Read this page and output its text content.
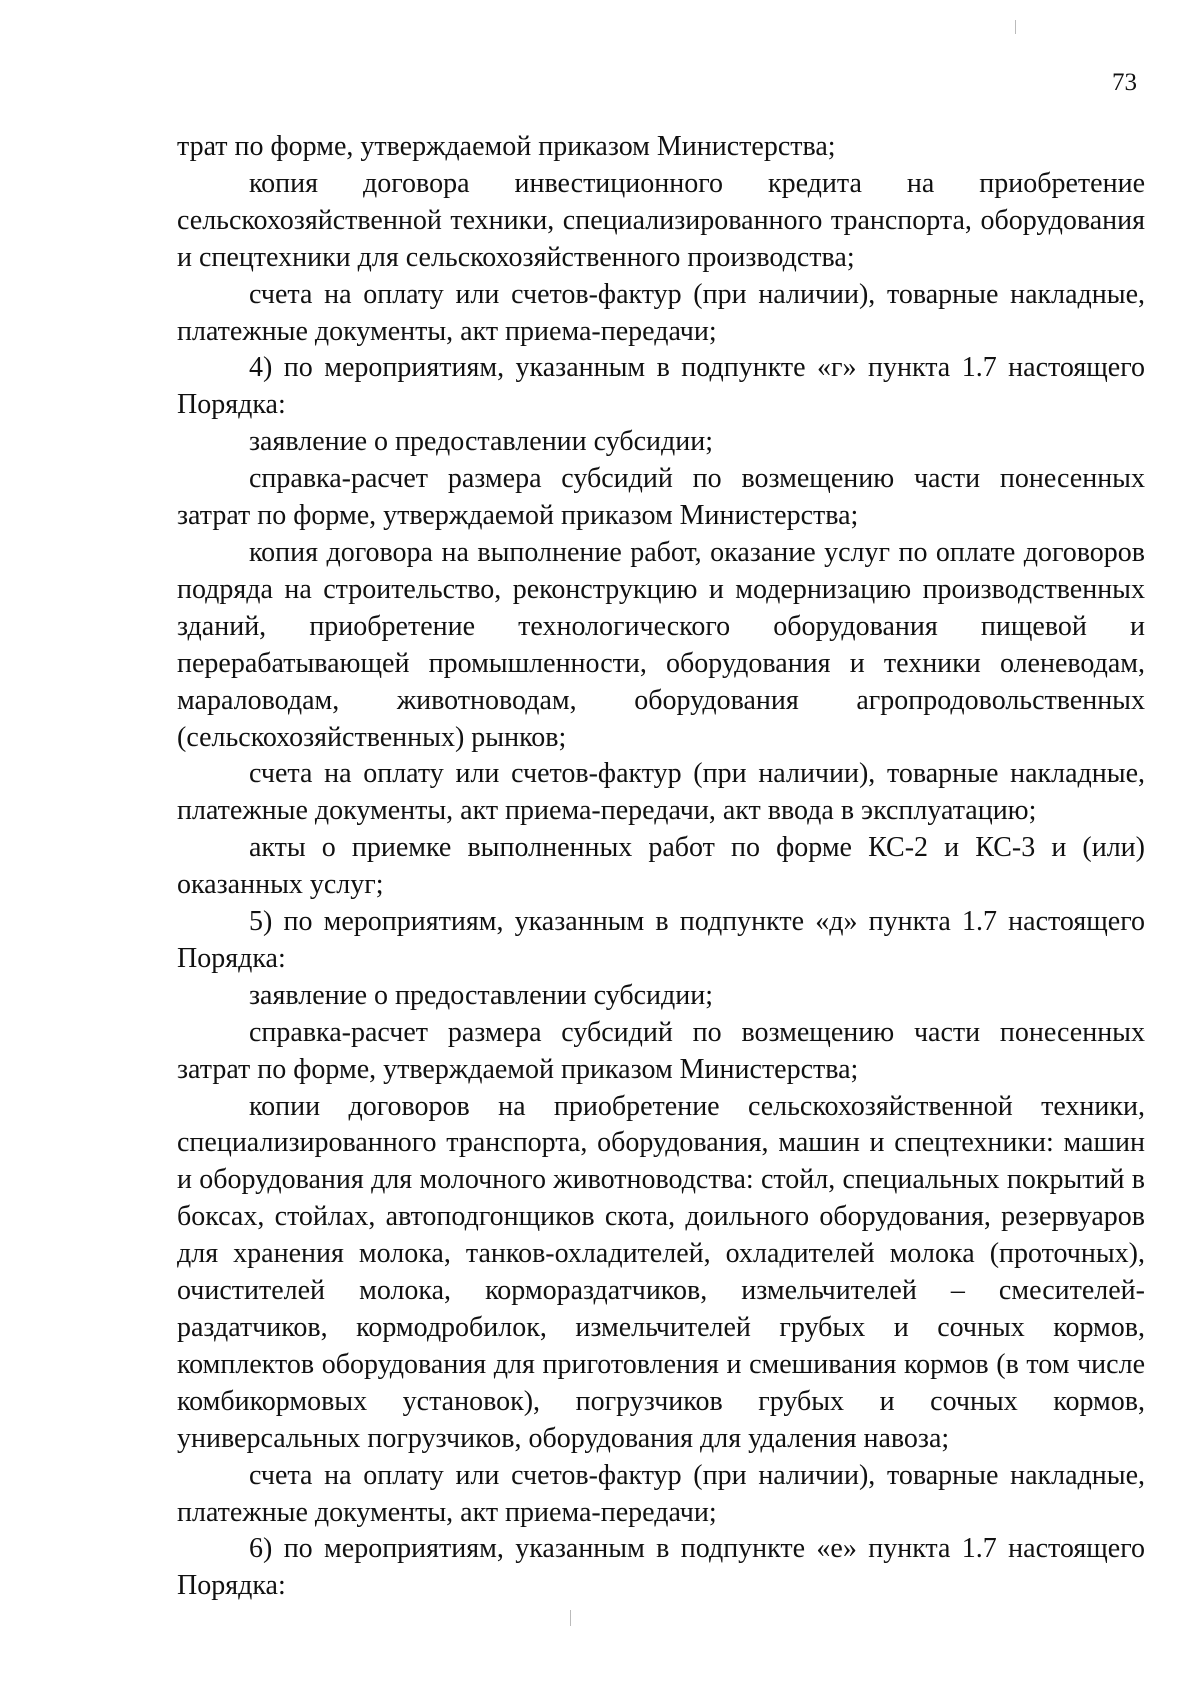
73

трат по форме, утверждаемой приказом Министерства;

копия договора инвестиционного кредита на приобретение сельскохозяйственной техники, специализированного транспорта, оборудования и спецтехники для сельскохозяйственного производства;

счета на оплату или счетов-фактур (при наличии), товарные накладные, платежные документы, акт приема-передачи;

4) по мероприятиям, указанным в подпункте «г» пункта 1.7 настоящего Порядка:

заявление о предоставлении субсидии;

справка-расчет размера субсидий по возмещению части понесенных затрат по форме, утверждаемой приказом Министерства;

копия договора на выполнение работ, оказание услуг по оплате договоров подряда на строительство, реконструкцию и модернизацию производственных зданий, приобретение технологического оборудования пищевой и перерабатывающей промышленности, оборудования и техники оленеводам, мараловодам, животноводам, оборудования агропродовольственных (сельскохозяйственных) рынков;

счета на оплату или счетов-фактур (при наличии), товарные накладные, платежные документы, акт приема-передачи, акт ввода в эксплуатацию;

акты о приемке выполненных работ по форме КС-2 и КС-3 и (или) оказанных услуг;

5) по мероприятиям, указанным в подпункте «д» пункта 1.7 настоящего Порядка:

заявление о предоставлении субсидии;

справка-расчет размера субсидий по возмещению части понесенных затрат по форме, утверждаемой приказом Министерства;

копии договоров на приобретение сельскохозяйственной техники, специализированного транспорта, оборудования, машин и спецтехники: машин и оборудования для молочного животноводства: стойл, специальных покрытий в боксах, стойлах, автоподгонщиков скота, доильного оборудования, резервуаров для хранения молока, танков-охладителей, охладителей молока (проточных), очистителей молока, кормораздатчиков, измельчителей – смесителей-раздатчиков, кормодробилок, измельчителей грубых и сочных кормов, комплектов оборудования для приготовления и смешивания кормов (в том числе комбикормовых установок), погрузчиков грубых и сочных кормов, универсальных погрузчиков, оборудования для удаления навоза;

счета на оплату или счетов-фактур (при наличии), товарные накладные, платежные документы, акт приема-передачи;

6) по мероприятиям, указанным в подпункте «е» пункта 1.7 настоящего Порядка:
